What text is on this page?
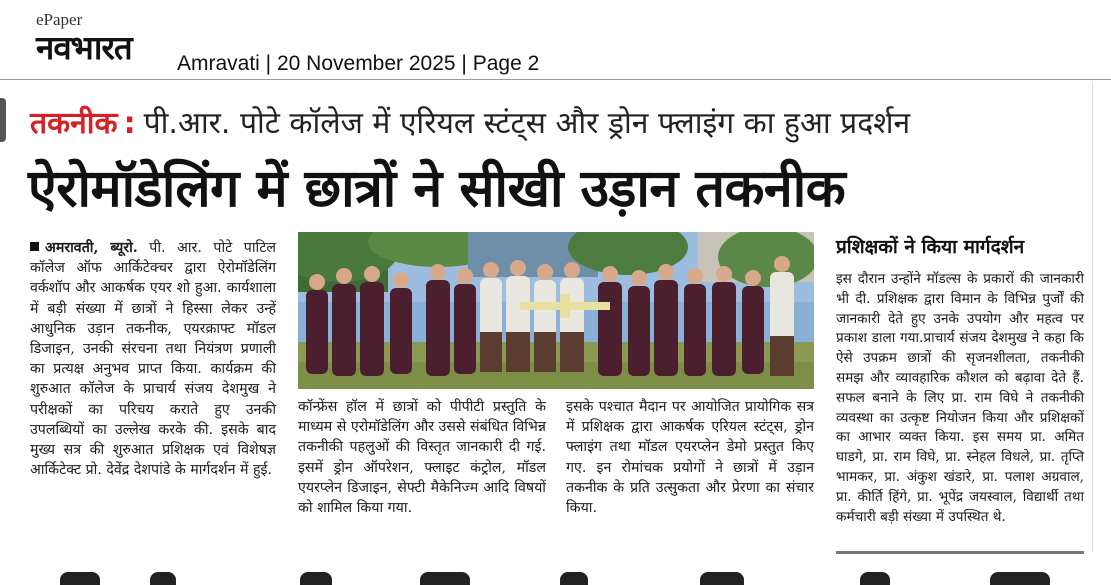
ePaper
नवभारत Amravati | 20 November 2025 | Page 2
तकनीक : पी.आर. पोटे कॉलेज में एरियल स्टंट्स और ड्रोन फ्लाइंग का हुआ प्रदर्शन
ऐरोमॉडेलिंग में छात्रों ने सीखी उड़ान तकनीक
अमरावती, ब्यूरो. पी. आर. पोटे पाटिल कॉलेज ऑफ आर्किटेक्चर द्वारा ऐरोमॉडेलिंग वर्कशॉप और आकर्षक एयर शो हुआ. कार्यशाला में बड़ी संख्या में छात्रों ने हिस्सा लेकर उन्हें आधुनिक उड़ान तकनीक, एयरक्राफ्ट मॉडल डिजाइन, उनकी संरचना तथा नियंत्रण प्रणाली का प्रत्यक्ष अनुभव प्राप्त किया. कार्यक्रम की शुरुआत कॉलेज के प्राचार्य संजय देशमुख ने परीक्षकों का परिचय कराते हुए उनकी उपलब्धियों का उल्लेख करके की. इसके बाद मुख्य सत्र की शुरुआत प्रशिक्षक एवं विशेषज्ञ आर्किटेक्ट प्रो. देवेंद्र देशपांडे के मार्गदर्शन में हुई.
कॉन्फ्रेंस हॉल में छात्रों को पीपीटी प्रस्तुति के माध्यम से एरोमॉडेलिंग और उससे संबंधित विभिन्न तकनीकी पहलुओं की विस्तृत जानकारी दी गई. इसमें ड्रोन ऑपरेशन, फ्लाइट कंट्रोल, मॉडल एयरप्लेन डिजाइन, सेफ्टी मैकेनिज्म आदि विषयों को शामिल किया गया.
इसके पश्चात मैदान पर आयोजित प्रायोगिक सत्र में प्रशिक्षक द्वारा आकर्षक एरियल स्टंट्स, ड्रोन फ्लाइंग तथा मॉडल एयरप्लेन डेमो प्रस्तुत किए गए. इन रोमांचक प्रयोगों ने छात्रों में उड़ान तकनीक के प्रति उत्सुकता और प्रेरणा का संचार किया.
प्रशिक्षकों ने किया मार्गदर्शन
इस दौरान उन्होंने मॉडल्स के प्रकारों की जानकारी भी दी. प्रशिक्षक द्वारा विमान के विभिन्न पुर्जों की जानकारी देते हुए उनके उपयोग और महत्व पर प्रकाश डाला गया.प्राचार्य संजय देशमुख ने कहा कि ऐसे उपक्रम छात्रों की सृजनशीलता, तकनीकी समझ और व्यावहारिक कौशल को बढ़ावा देते हैं. सफल बनाने के लिए प्रा. राम विघे ने तकनीकी व्यवस्था का उत्कृष्ट नियोजन किया और प्रशिक्षकों का आभार व्यक्त किया. इस समय प्रा. अमित घाडगे, प्रा. राम विघे, प्रा. स्नेहल विधले, प्रा. तृप्ति भामकर, प्रा. अंकुश खंडारे, प्रा. पलाश अग्रवाल, प्रा. कीर्ति हिंगे, प्रा. भूपेंद्र जयस्वाल, विद्यार्थी तथा कर्मचारी बड़ी संख्या में उपस्थित थे.
